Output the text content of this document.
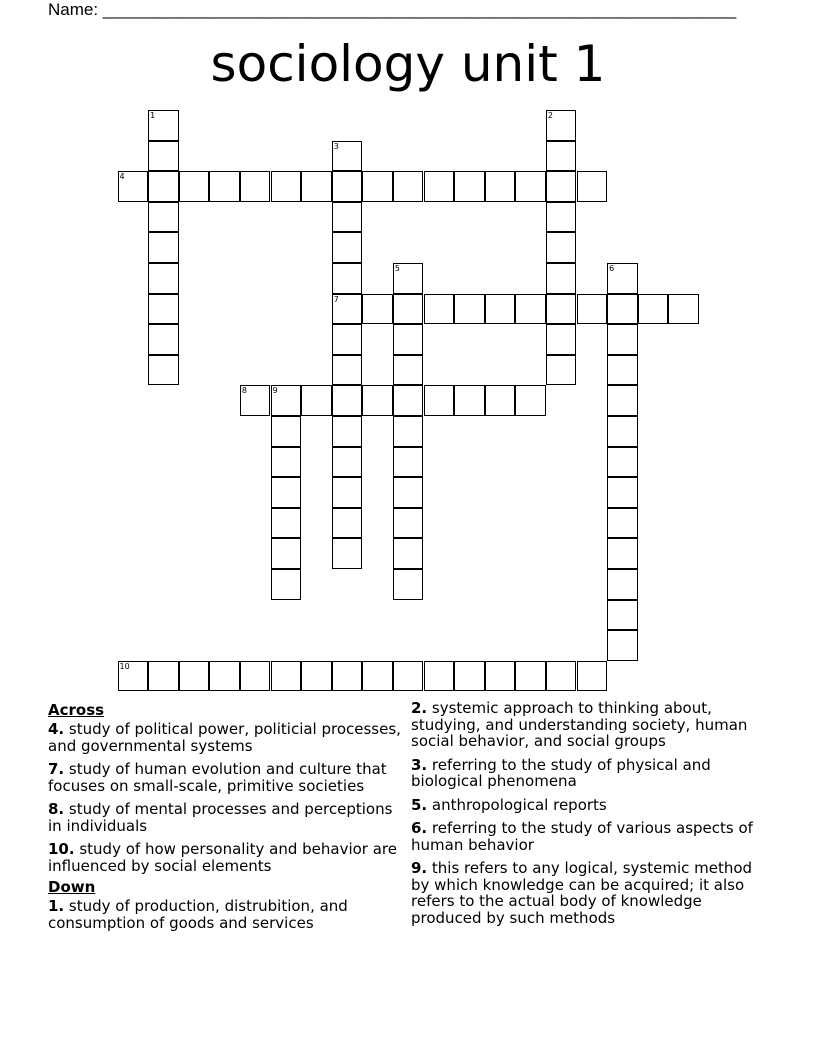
Name: ___________________________________________________________________
sociology unit 1
4
7
8	9
10
1	2
3
5	6
Across
4. study of political power, politicial processes, and governmental systems
7. study of human evolution and culture that focuses on small-scale, primitive societies
8. study of mental processes and perceptions in individuals
10. study of how personality and behavior are influenced by social elements
Down
1. study of production, distrubition, and consumption of goods and services
2. systemic approach to thinking about, studying, and understanding society, human social behavior, and social groups
3. referring to the study of physical and biological phenomena
5. anthropological reports
6. referring to the study of various aspects of human behavior
9. this refers to any logical, systemic method by which knowledge can be acquired; it also refers to the actual body of knowledge produced by such methods
